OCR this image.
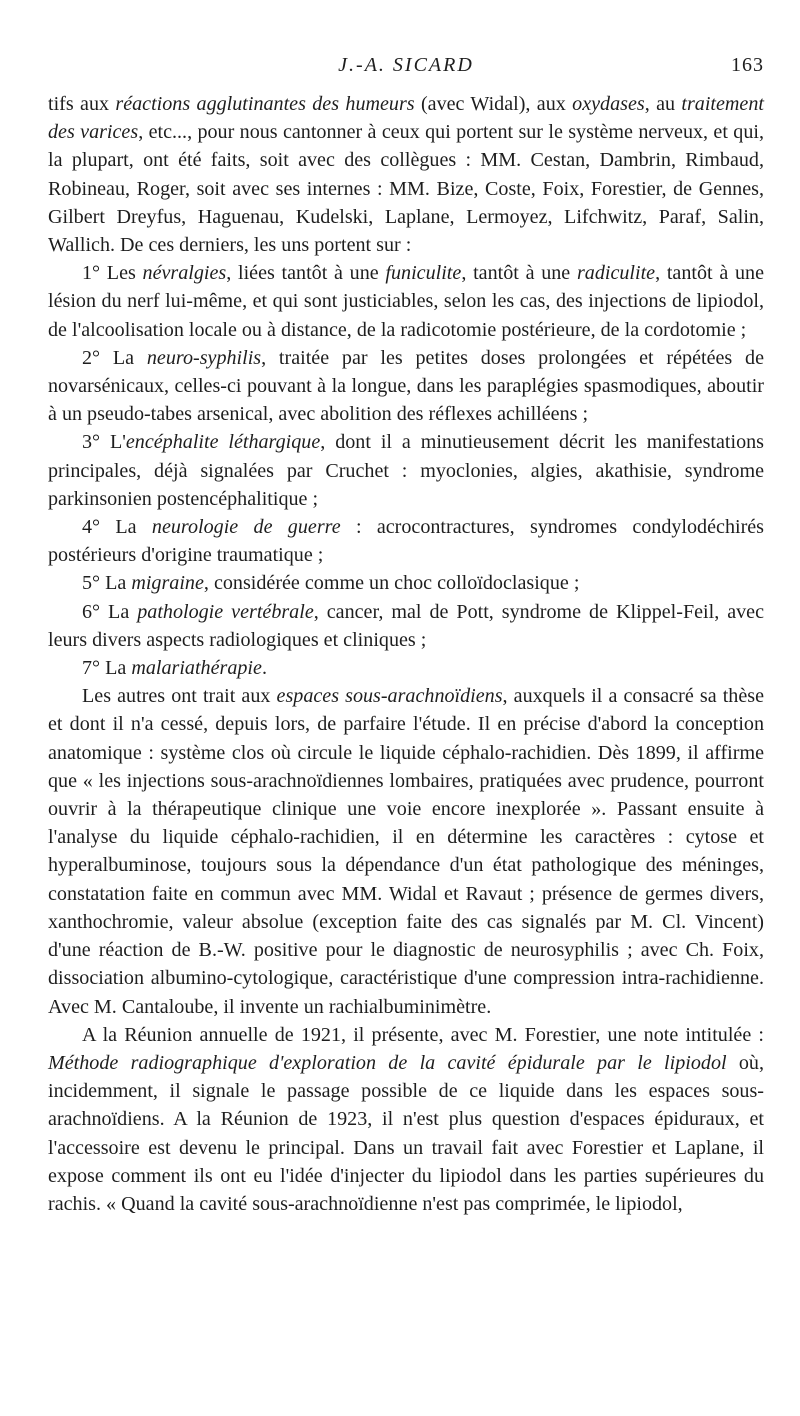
J.-A. SICARD	163

tifs aux réactions agglutinantes des humeurs (avec Widal), aux oxydases, au traitement des varices, etc..., pour nous cantonner à ceux qui portent sur le système nerveux, et qui, la plupart, ont été faits, soit avec des collègues : MM. Cestan, Dambrin, Rimbaud, Robineau, Roger, soit avec ses internes : MM. Bize, Coste, Foix, Forestier, de Gennes, Gilbert Dreyfus, Haguenau, Kudelski, Laplane, Lermoyez, Lifchwitz, Paraf, Salin, Wallich. De ces derniers, les uns portent sur :

1° Les névralgies, liées tantôt à une funiculite, tantôt à une radiculite, tantôt à une lésion du nerf lui-même, et qui sont justiciables, selon les cas, des injections de lipiodol, de l'alcoolisation locale ou à distance, de la radicotomie postérieure, de la cordotomie ;

2° La neuro-syphilis, traitée par les petites doses prolongées et répétées de novarsénicaux, celles-ci pouvant à la longue, dans les paraplégies spasmodiques, aboutir à un pseudo-tabes arsenical, avec abolition des réflexes achilléens ;

3° L'encéphalite léthargique, dont il a minutieusement décrit les manifestations principales, déjà signalées par Cruchet : myoclonies, algies, akathisie, syndrome parkinsonien postencéphalitique ;

4° La neurologie de guerre : acrocontractures, syndromes condylodéchirés postérieurs d'origine traumatique ;

5° La migraine, considérée comme un choc colloïdoclasique ;

6° La pathologie vertébrale, cancer, mal de Pott, syndrome de Klippel-Feil, avec leurs divers aspects radiologiques et cliniques ;

7° La malariathérapie.

Les autres ont trait aux espaces sous-arachnoïdiens, auxquels il a consacré sa thèse et dont il n'a cessé, depuis lors, de parfaire l'étude. Il en précise d'abord la conception anatomique : système clos où circule le liquide céphalo-rachidien. Dès 1899, il affirme que « les injections sous-arachnoïdiennes lombaires, pratiquées avec prudence, pourront ouvrir à la thérapeutique clinique une voie encore inexplorée ». Passant ensuite à l'analyse du liquide céphalo-rachidien, il en détermine les caractères : cytose et hyperalbuminose, toujours sous la dépendance d'un état pathologique des méninges, constatation faite en commun avec MM. Widal et Ravaut ; présence de germes divers, xanthochromie, valeur absolue (exception faite des cas signalés par M. Cl. Vincent) d'une réaction de B.-W. positive pour le diagnostic de neurosyphilis ; avec Ch. Foix, dissociation albumino-cytologique, caractéristique d'une compression intra-rachidienne. Avec M. Cantaloube, il invente un rachialbuminimètre.

A la Réunion annuelle de 1921, il présente, avec M. Forestier, une note intitulée : Méthode radiographique d'exploration de la cavité épidurale par le lipiodol où, incidemment, il signale le passage possible de ce liquide dans les espaces sous-arachnoïdiens. A la Réunion de 1923, il n'est plus question d'espaces épiduraux, et l'accessoire est devenu le principal. Dans un travail fait avec Forestier et Laplane, il expose comment ils ont eu l'idée d'injecter du lipiodol dans les parties supérieures du rachis. « Quand la cavité sous-arachnoïdienne n'est pas comprimée, le lipiodol,
